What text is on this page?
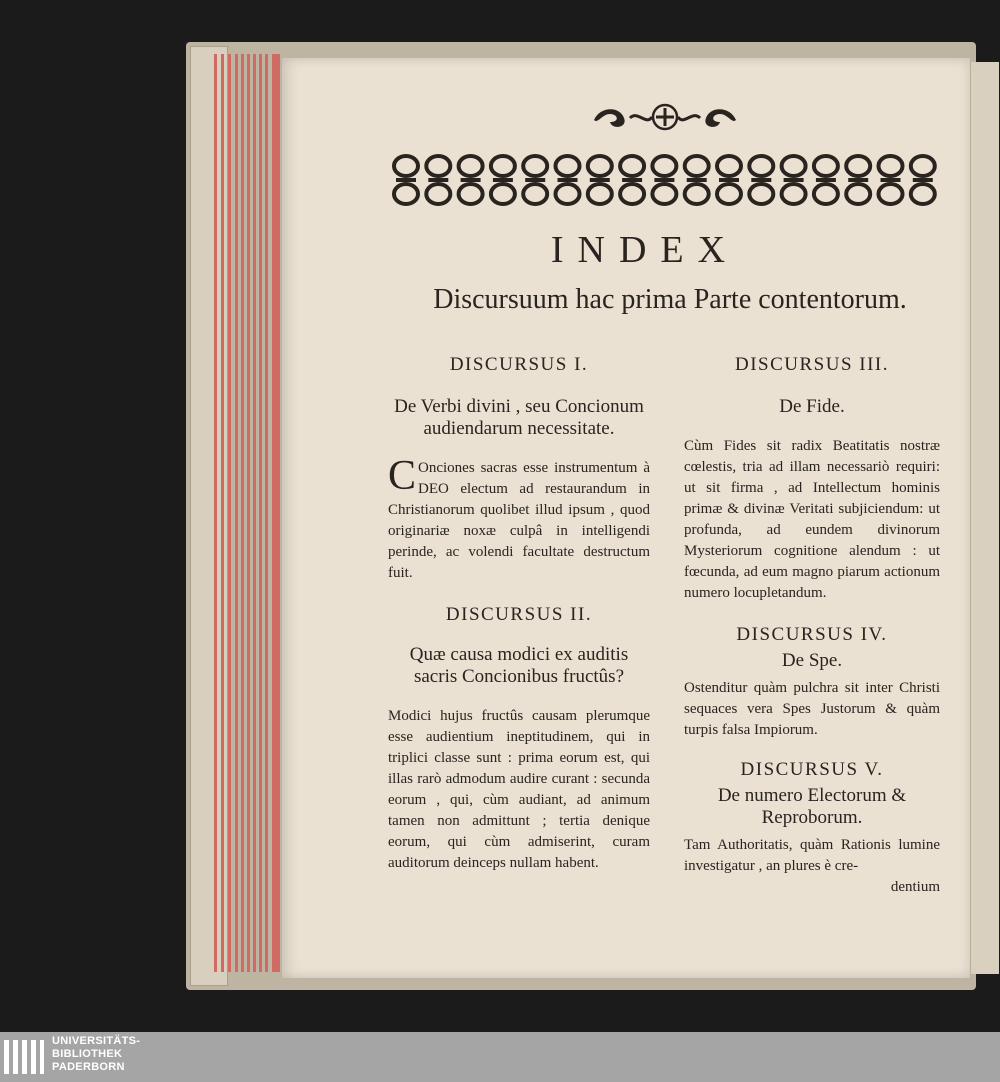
INDEX
Discursuum hac prima Parte contentorum.
DISCURSUS I.
De Verbi divini , seu Concionum audiendarum necessitate.
C Onciones sacras esse instrumentum à DEO electum ad restaurandum in Christianorum quolibet illud ipsum , quod originariæ noxæ culpâ in intelligendi perinde, ac volendi facultate destructum fuit.
DISCURSUS II.
Quæ causa modici ex auditis sacris Concionibus fructûs?
Modici hujus fructûs causam plerumque esse audientium ineptitudinem, qui in triplici classe sunt : prima eorum est, qui illas rarò admodum audire curant : secunda eorum , qui, cùm audiant, ad animum tamen non admittunt ; tertia denique eorum, qui cùm admiserint, curam auditorum deinceps nullam habent.
DISCURSUS III.
De Fide.
Cùm Fides sit radix Beatitatis nostræ cœlestis, tria ad illam necessariò requiri: ut sit firma , ad Intellectum hominis primæ & divinæ Veritati subjiciendum: ut profunda, ad eundem divinorum Mysteriorum cognitione alendum : ut fœcunda, ad eum magno piarum actionum numero locupletandum.
DISCURSUS IV.
De Spe.
Ostenditur quàm pulchra sit inter Christi sequaces vera Spes Justorum & quàm turpis falsa Impiorum.
DISCURSUS V.
De numero Electorum & Reproborum.
Tam Authoritatis, quàm Rationis lumine investigatur , an plures è cre-
dentium
UNIVERSITÄTS-
BIBLIOTHEK
PADERBORN
